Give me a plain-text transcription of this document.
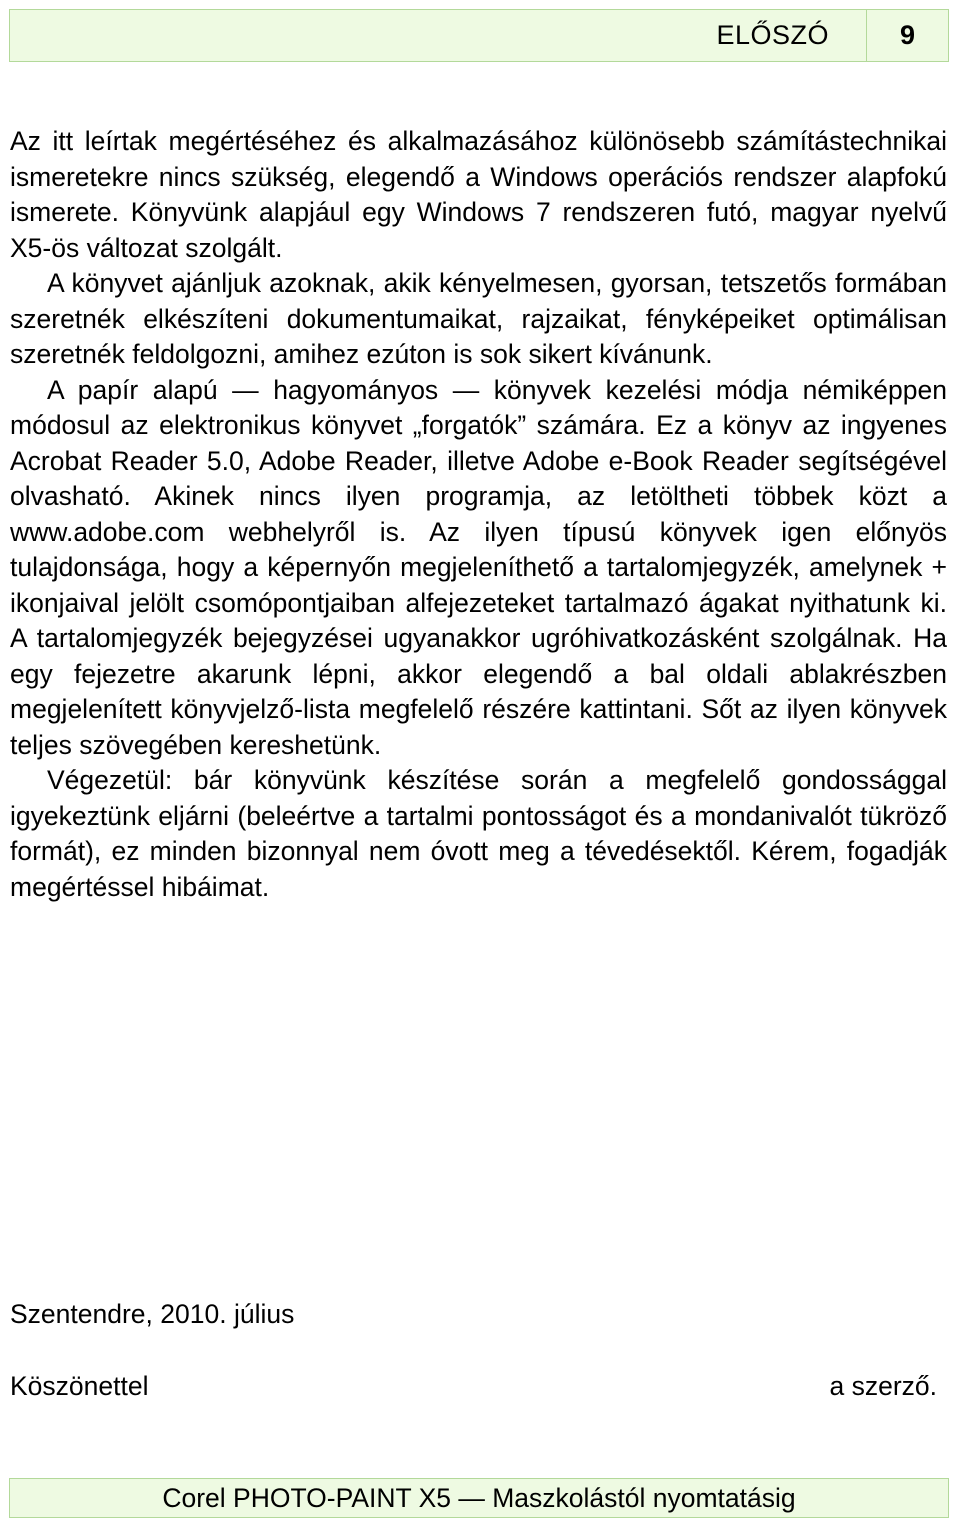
ELŐSZÓ	9

Az itt leírtak megértéséhez és alkalmazásához különösebb számítástechnikai ismeretekre nincs szükség, elegendő a Windows operációs rendszer alapfokú ismerete. Könyvünk alapjául egy Windows 7 rendszeren futó, magyar nyelvű X5-ös változat szolgált.

A könyvet ajánljuk azoknak, akik kényelmesen, gyorsan, tetszetős formában szeretnék elkészíteni dokumentumaikat, rajzaikat, fényképeiket optimálisan szeretnék feldolgozni, amihez ezúton is sok sikert kívánunk.

A papír alapú — hagyományos — könyvek kezelési módja némiképpen módosul az elektronikus könyvet „forgatók” számára. Ez a könyv az ingyenes Acrobat Reader 5.0, Adobe Reader, illetve Adobe e-Book Reader segítségével olvasható. Akinek nincs ilyen programja, az letöltheti többek közt a www.adobe.com webhelyről is. Az ilyen típusú könyvek igen előnyös tulajdonsága, hogy a képernyőn megjeleníthető a tartalomjegyzék, amelynek + ikonjaival jelölt csomópontjaiban alfejezeteket tartalmazó ágakat nyithatunk ki. A tartalomjegyzék bejegyzései ugyanakkor ugróhivatkozásként szolgálnak. Ha egy fejezetre akarunk lépni, akkor elegendő a bal oldali ablakrészben megjelenített könyvjelző-lista megfelelő részére kattintani. Sőt az ilyen könyvek teljes szövegében kereshetünk.

Végezetül: bár könyvünk készítése során a megfelelő gondossággal igyekeztünk eljárni (beleértve a tartalmi pontosságot és a mondanivalót tükröző formát), ez minden bizonnyal nem óvott meg a tévedésektől. Kérem, fogadják megértéssel hibáimat.

Szentendre, 2010. július
Köszönettel	a szerző.
Corel PHOTO-PAINT X5 — Maszkolástól nyomtatásig
